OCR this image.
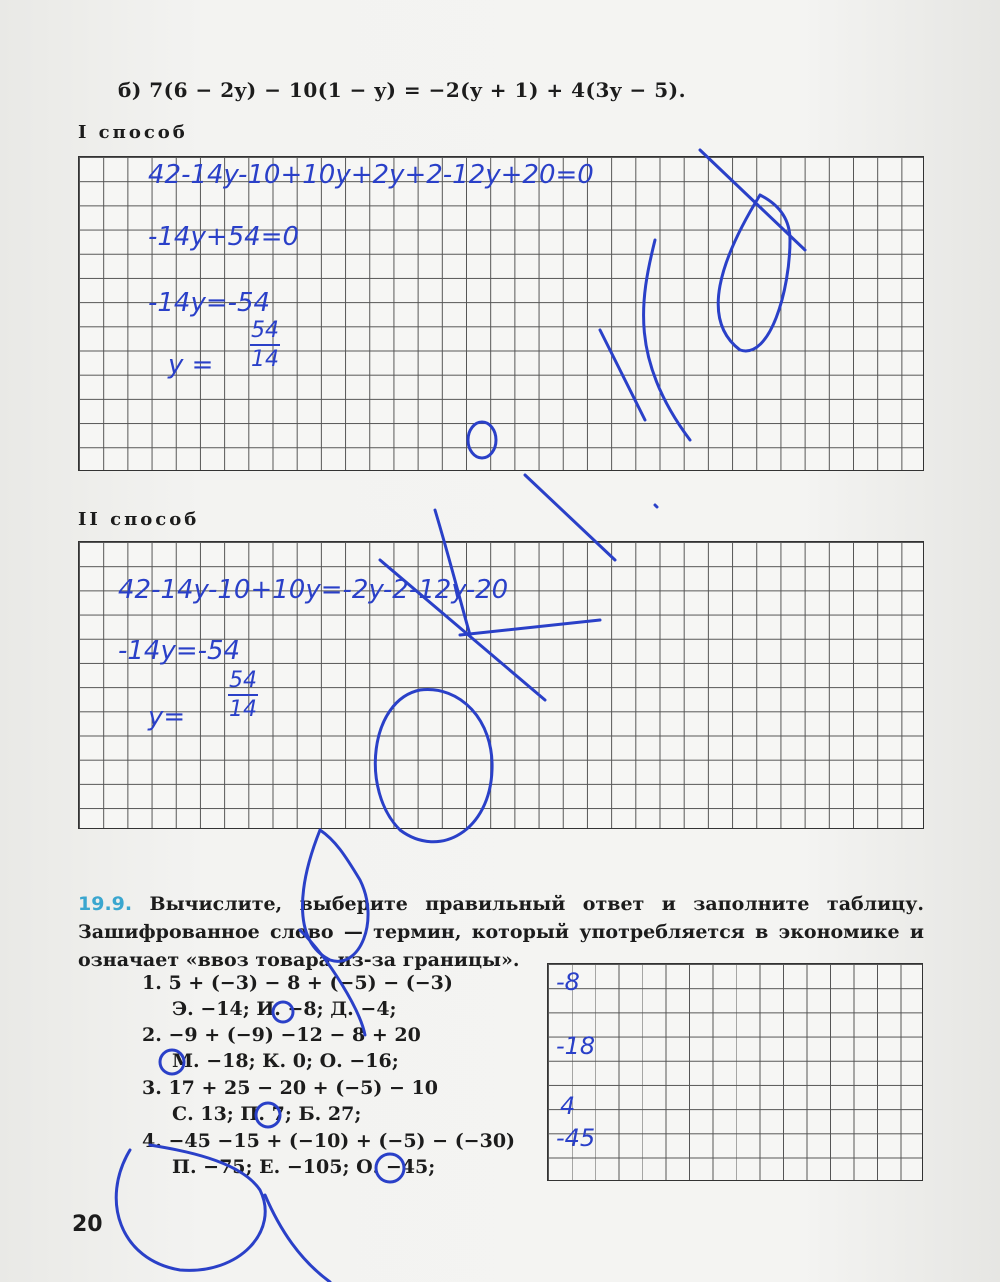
б) 7(6 − 2y) − 10(1 − y) = −2(y + 1) + 4(3y − 5).
I способ
42-14y-10+10y+2y+2-12y+20=0
-14y+54=0
-14y=-54
y =
54
14
II способ
42-14y-10+10y=-2y-2-12y-20
-14y=-54
y=
54
14
19.9. Вычислите, выберите правильный ответ и заполните таблицу. Зашифрованное слово — термин, который употребляется в экономике и означает «ввоз товара из-за границы».
1. 5 + (−3) − 8 + (−5) − (−3)
Э. −14; И. −8; Д. −4;
2. −9 + (−9) −12 − 8 + 20
М. −18; К. 0; О. −16;
3. 17 + 25 − 20 + (−5) − 10
С. 13; П. 7; Б. 27;
4. −45 −15 + (−10) + (−5) − (−30)
П. −75; Е. −105; О. −45;
-8
-18
4
-45
20
